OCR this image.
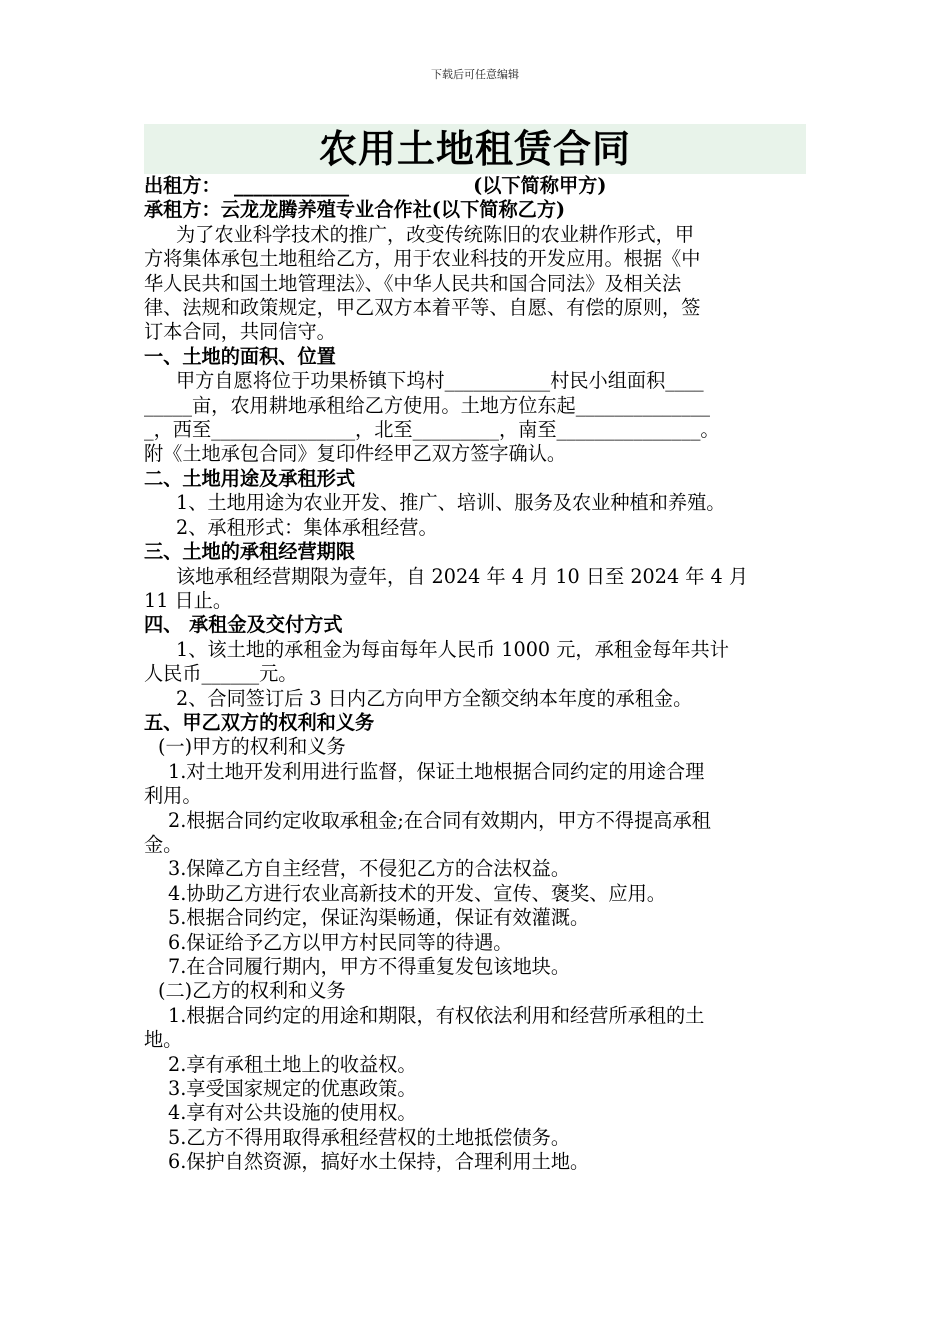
下载后可任意编辑
农用土地租赁合同
出租方： ____________	(以下简称甲方)
承租方：云龙龙腾养殖专业合作社(以下简称乙方)
为了农业科学技术的推广，改变传统陈旧的农业耕作形式，甲
方将集体承包土地租给乙方，用于农业科技的开发应用。根据《中
华人民共和国土地管理法》、《中华人民共和国合同法》及相关法
律、法规和政策规定，甲乙双方本着平等、自愿、有偿的原则，签
订本合同，共同信守。
一、土地的面积、位置
甲方自愿将位于功果桥镇下坞村___________村民小组面积____
_____亩，农用耕地承租给乙方使用。土地方位东起______________
_，西至_______________，北至_________，南至_______________。
附《土地承包合同》复印件经甲乙双方签字确认。
二、土地用途及承租形式
1、土地用途为农业开发、推广、培训、服务及农业种植和养殖。
2、承租形式：集体承租经营。
三、土地的承租经营期限
该地承租经营期限为壹年，自 2024 年 4 月 10 日至 2024 年 4 月
11 日止。
四、 承租金及交付方式
1、该土地的承租金为每亩每年人民币 1000 元，承租金每年共计
人民币______元。
2、合同签订后 3 日内乙方向甲方全额交纳本年度的承租金。
五、甲乙双方的权利和义务
(一)甲方的权利和义务
1.对土地开发利用进行监督，保证土地根据合同约定的用途合理
利用。
2.根据合同约定收取承租金;在合同有效期内，甲方不得提高承租
金。
3.保障乙方自主经营，不侵犯乙方的合法权益。
4.协助乙方进行农业高新技术的开发、宣传、褒奖、应用。
5.根据合同约定，保证沟渠畅通，保证有效灌溉。
6.保证给予乙方以甲方村民同等的待遇。
7.在合同履行期内，甲方不得重复发包该地块。
(二)乙方的权利和义务
1.根据合同约定的用途和期限，有权依法利用和经营所承租的土
地。
2.享有承租土地上的收益权。
3.享受国家规定的优惠政策。
4.享有对公共设施的使用权。
5.乙方不得用取得承租经营权的土地抵偿债务。
6.保护自然资源，搞好水土保持，合理利用土地。
